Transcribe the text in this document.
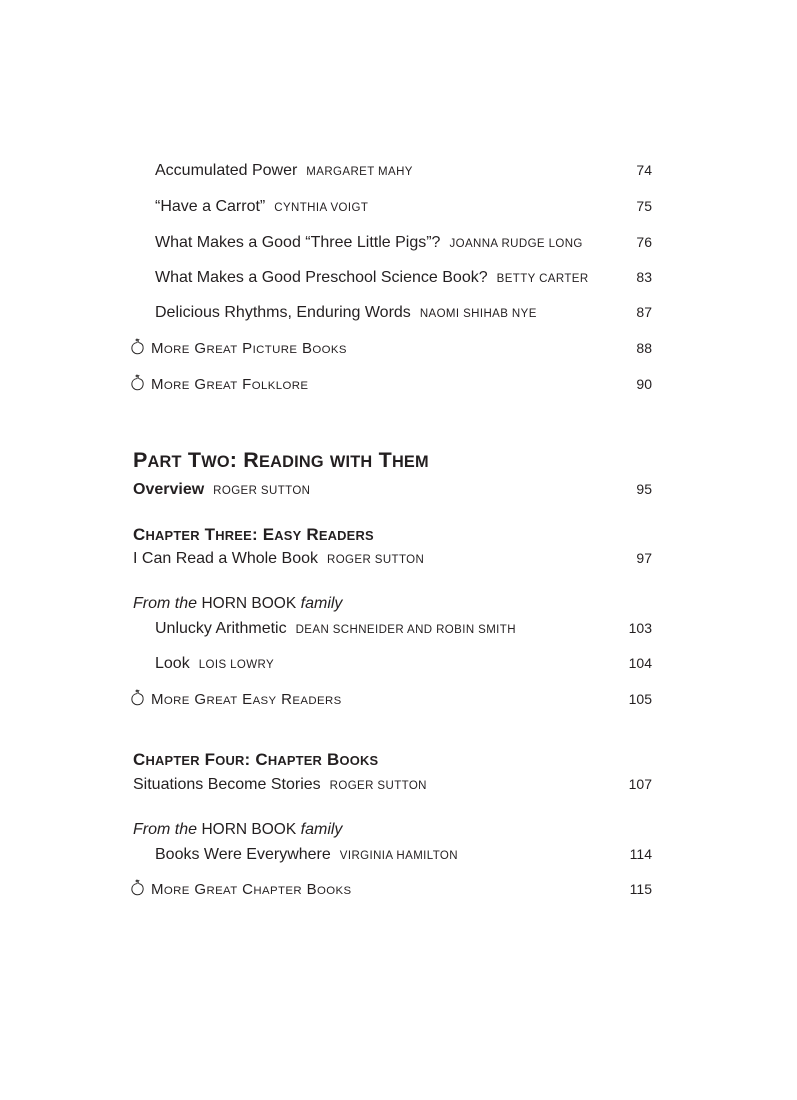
Accumulated Power MARGARET MAHY	74
“Have a Carrot” CYNTHIA VOIGT	75
What Makes a Good “Three Little Pigs”? JOANNA RUDGE LONG	76
What Makes a Good Preschool Science Book? BETTY CARTER	83
Delicious Rhythms, Enduring Words NAOMI SHIHAB NYE	87
MORE GREAT PICTURE BOOKS	88
MORE GREAT FOLKLORE	90
PART TWO: READING WITH THEM
Overview ROGER SUTTON	95
CHAPTER THREE: EASY READERS
I Can Read a Whole Book ROGER SUTTON	97
From the HORN BOOK family
Unlucky Arithmetic DEAN SCHNEIDER AND ROBIN SMITH	103
Look LOIS LOWRY	104
MORE GREAT EASY READERS	105
CHAPTER FOUR: CHAPTER BOOKS
Situations Become Stories ROGER SUTTON	107
From the HORN BOOK family
Books Were Everywhere VIRGINIA HAMILTON	114
MORE GREAT CHAPTER BOOKS	115
